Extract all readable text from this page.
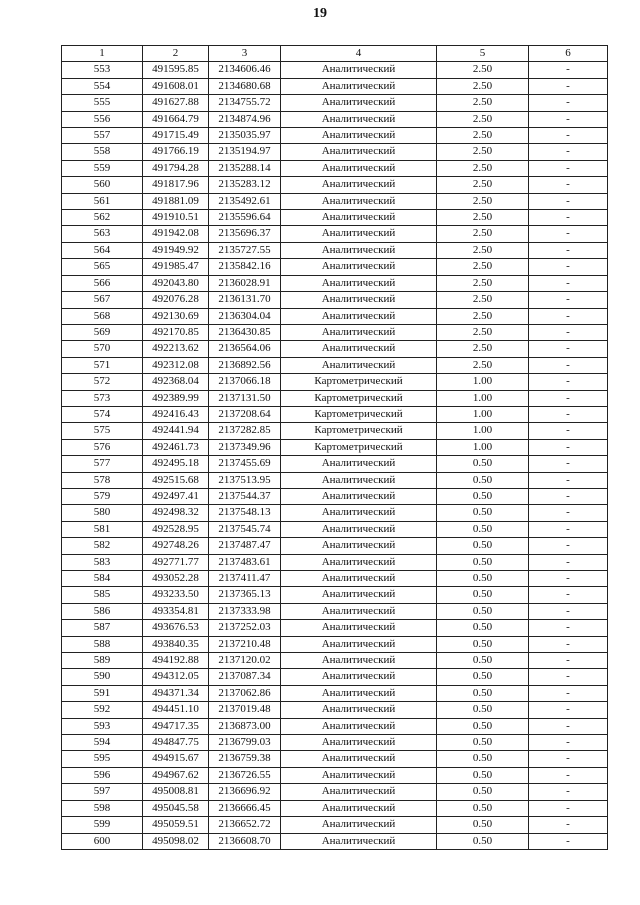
19
1	2	3	4	5	6
553	491595.85	2134606.46	Аналитический	2.50	-
554	491608.01	2134680.68	Аналитический	2.50	-
555	491627.88	2134755.72	Аналитический	2.50	-
556	491664.79	2134874.96	Аналитический	2.50	-
557	491715.49	2135035.97	Аналитический	2.50	-
558	491766.19	2135194.97	Аналитический	2.50	-
559	491794.28	2135288.14	Аналитический	2.50	-
560	491817.96	2135283.12	Аналитический	2.50	-
561	491881.09	2135492.61	Аналитический	2.50	-
562	491910.51	2135596.64	Аналитический	2.50	-
563	491942.08	2135696.37	Аналитический	2.50	-
564	491949.92	2135727.55	Аналитический	2.50	-
565	491985.47	2135842.16	Аналитический	2.50	-
566	492043.80	2136028.91	Аналитический	2.50	-
567	492076.28	2136131.70	Аналитический	2.50	-
568	492130.69	2136304.04	Аналитический	2.50	-
569	492170.85	2136430.85	Аналитический	2.50	-
570	492213.62	2136564.06	Аналитический	2.50	-
571	492312.08	2136892.56	Аналитический	2.50	-
572	492368.04	2137066.18	Картометрический	1.00	-
573	492389.99	2137131.50	Картометрический	1.00	-
574	492416.43	2137208.64	Картометрический	1.00	-
575	492441.94	2137282.85	Картометрический	1.00	-
576	492461.73	2137349.96	Картометрический	1.00	-
577	492495.18	2137455.69	Аналитический	0.50	-
578	492515.68	2137513.95	Аналитический	0.50	-
579	492497.41	2137544.37	Аналитический	0.50	-
580	492498.32	2137548.13	Аналитический	0.50	-
581	492528.95	2137545.74	Аналитический	0.50	-
582	492748.26	2137487.47	Аналитический	0.50	-
583	492771.77	2137483.61	Аналитический	0.50	-
584	493052.28	2137411.47	Аналитический	0.50	-
585	493233.50	2137365.13	Аналитический	0.50	-
586	493354.81	2137333.98	Аналитический	0.50	-
587	493676.53	2137252.03	Аналитический	0.50	-
588	493840.35	2137210.48	Аналитический	0.50	-
589	494192.88	2137120.02	Аналитический	0.50	-
590	494312.05	2137087.34	Аналитический	0.50	-
591	494371.34	2137062.86	Аналитический	0.50	-
592	494451.10	2137019.48	Аналитический	0.50	-
593	494717.35	2136873.00	Аналитический	0.50	-
594	494847.75	2136799.03	Аналитический	0.50	-
595	494915.67	2136759.38	Аналитический	0.50	-
596	494967.62	2136726.55	Аналитический	0.50	-
597	495008.81	2136696.92	Аналитический	0.50	-
598	495045.58	2136666.45	Аналитический	0.50	-
599	495059.51	2136652.72	Аналитический	0.50	-
600	495098.02	2136608.70	Аналитический	0.50	-
